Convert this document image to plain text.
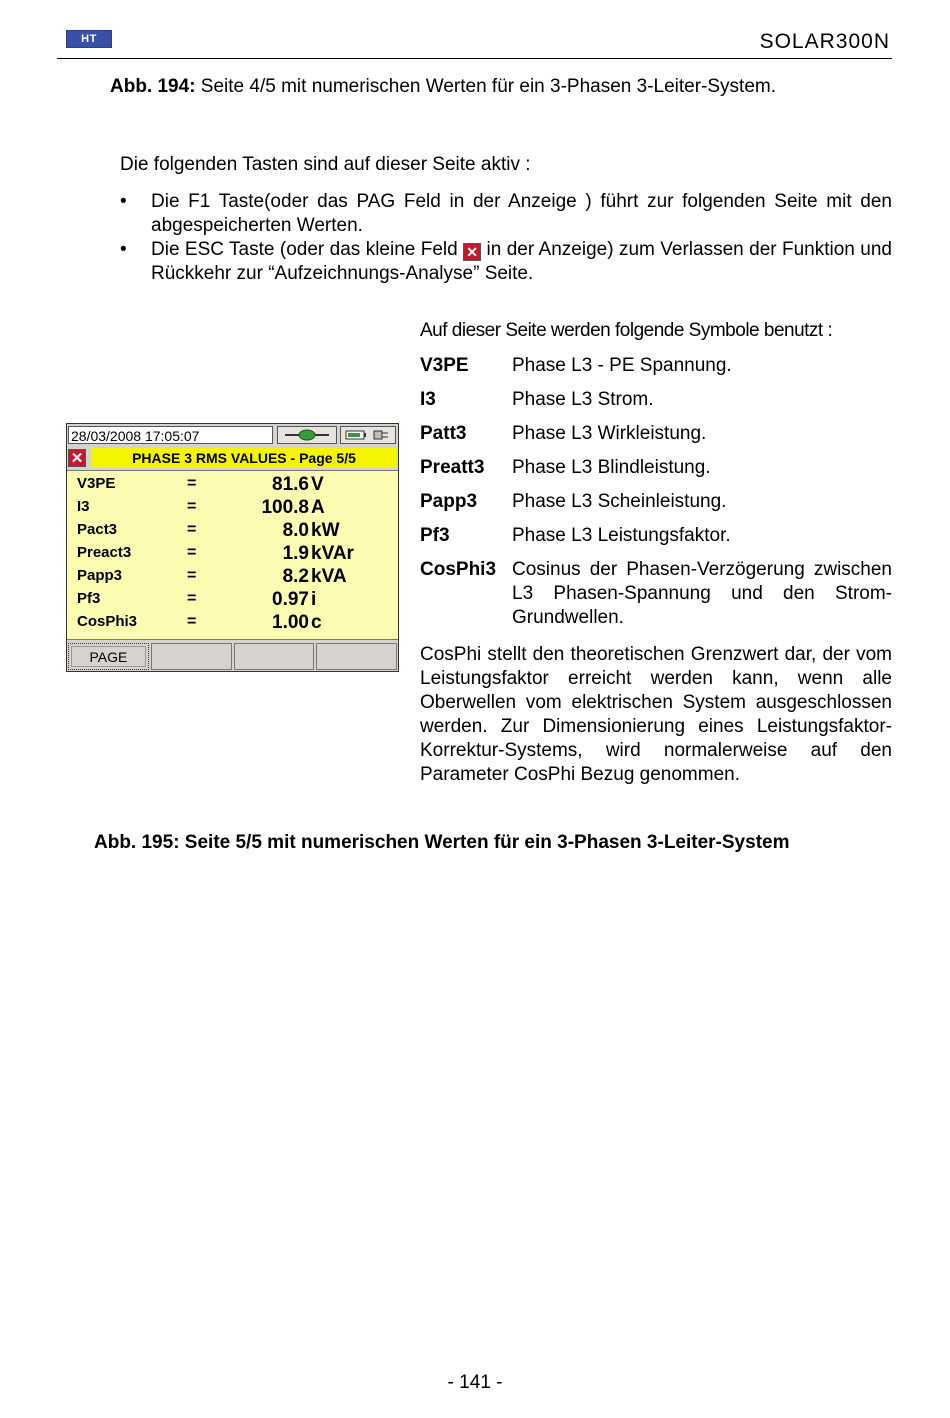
HT	SOLAR300N
Abb. 194: Seite 4/5 mit numerischen Werten für ein 3-Phasen 3-Leiter-System.
Die folgenden Tasten sind auf dieser Seite aktiv :
• Die F1 Taste(oder das PAG Feld in der Anzeige ) führt zur folgenden Seite mit den abgespeicherten Werten.
• Die ESC Taste (oder das kleine Feld ✕ in der Anzeige) zum Verlassen der Funktion und Rückkehr zur “Aufzeichnungs-Analyse” Seite.
28/03/2008 17:05:07
✕	PHASE 3 RMS VALUES - Page 5/5
V3PE	=	81.6 V
I3	=	100.8 A
Pact3	=	8.0 kW
Preact3	=	1.9 kVAr
Papp3	=	8.2 kVA
Pf3	=	0.97 i
CosPhi3	=	1.00 c
PAGE
Auf dieser Seite werden folgende Symbole benutzt :
V3PE	Phase L3 - PE Spannung.
I3	Phase L3 Strom.
Patt3	Phase L3 Wirkleistung.
Preatt3	Phase L3 Blindleistung.
Papp3	Phase L3 Scheinleistung.
Pf3	Phase L3 Leistungsfaktor.
CosPhi3 Cosinus der Phasen-Verzögerung zwischen L3 Phasen-Spannung und den Strom-Grundwellen.
CosPhi stellt den theoretischen Grenzwert dar, der vom Leistungsfaktor erreicht werden kann, wenn alle Oberwellen vom elektrischen System ausgeschlossen werden. Zur Dimensionierung eines Leistungsfaktor- Korrektur-Systems, wird normalerweise auf den Parameter CosPhi Bezug genommen.
Abb. 195: Seite 5/5 mit numerischen Werten für ein 3-Phasen 3-Leiter-System
- 141 -
